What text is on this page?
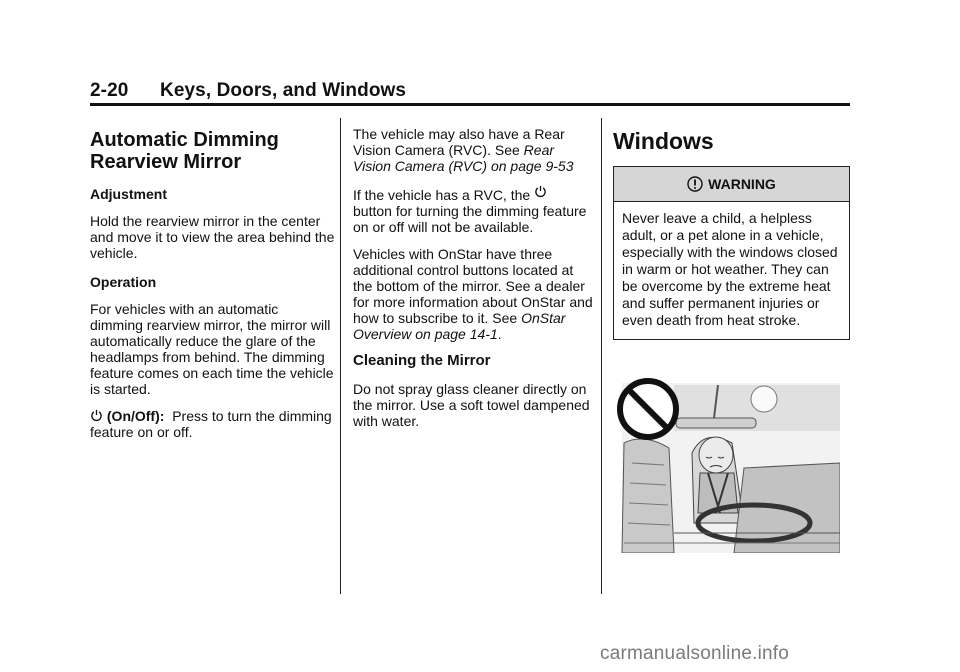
2-20 Keys, Doors, and Windows

Automatic Dimming Rearview Mirror

Adjustment

Hold the rearview mirror in the center and move it to view the area behind the vehicle.

Operation

For vehicles with an automatic dimming rearview mirror, the mirror will automatically reduce the glare of the headlamps from behind. The dimming feature comes on each time the vehicle is started.

(On/Off): Press to turn the dimming feature on or off.

The vehicle may also have a Rear Vision Camera (RVC). See Rear Vision Camera (RVC) on page 9-53

If the vehicle has a RVC, the
button for turning the dimming feature on or off will not be available.

Vehicles with OnStar have three additional control buttons located at the bottom of the mirror. See a dealer for more information about OnStar and how to subscribe to it. See OnStar Overview on page 14-1.

Cleaning the Mirror

Do not spray glass cleaner directly on the mirror. Use a soft towel dampened with water.

Windows

WARNING
Never leave a child, a helpless adult, or a pet alone in a vehicle, especially with the windows closed in warm or hot weather. They can be overcome by the extreme heat and suffer permanent injuries or even death from heat stroke.
carmanualsonline.info
